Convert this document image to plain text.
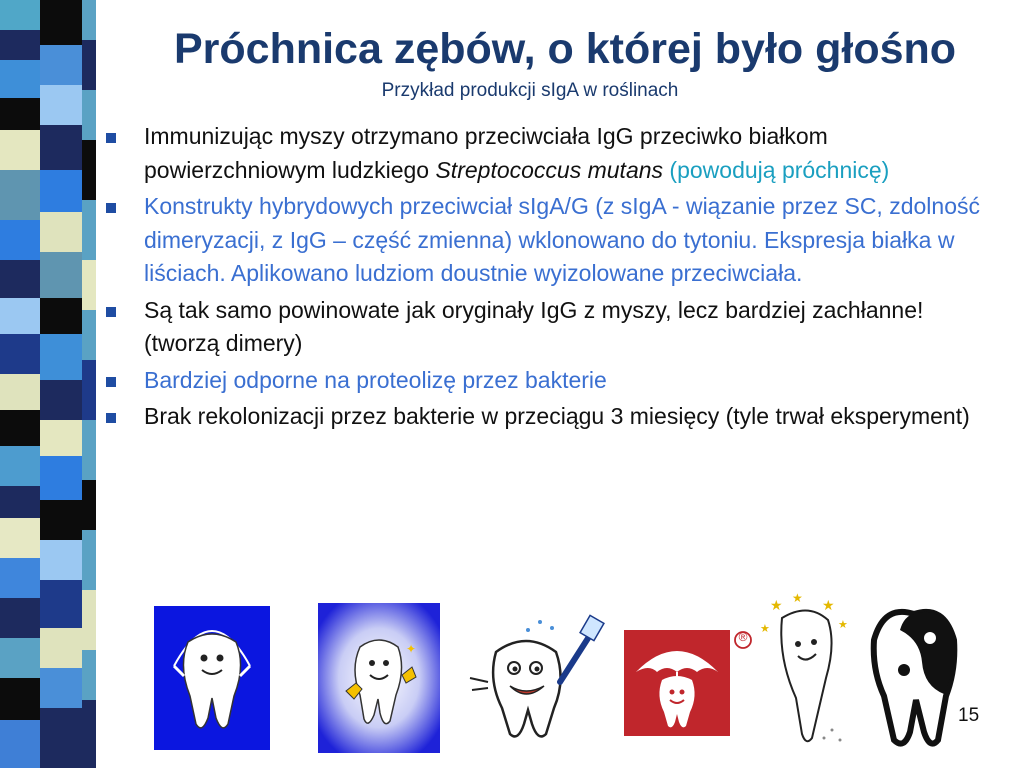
Próchnica zębów, o której było głośno
Przykład produkcji sIgA w roślinach
Immunizując myszy otrzymano przeciwciała IgG przeciwko białkom powierzchniowym ludzkiego Streptococcus mutans (powodują próchnicę)
Konstrukty hybrydowych przeciwciał sIgA/G (z sIgA - wiązanie przez SC, zdolność dimeryzacji, z IgG – część zmienna) wklonowano do tytoniu. Ekspresja białka w liściach. Aplikowano ludziom doustnie wyizolowane przeciwciała.
Są tak samo powinowate jak oryginały IgG z myszy, lecz bardziej zachłanne! (tworzą dimery)
Bardziej odporne na proteolizę przez bakterie
Brak rekolonizacji przez bakterie w przeciągu 3 miesięcy (tyle trwał eksperyment)
✦
®
★ ★ ★
★
★
15
